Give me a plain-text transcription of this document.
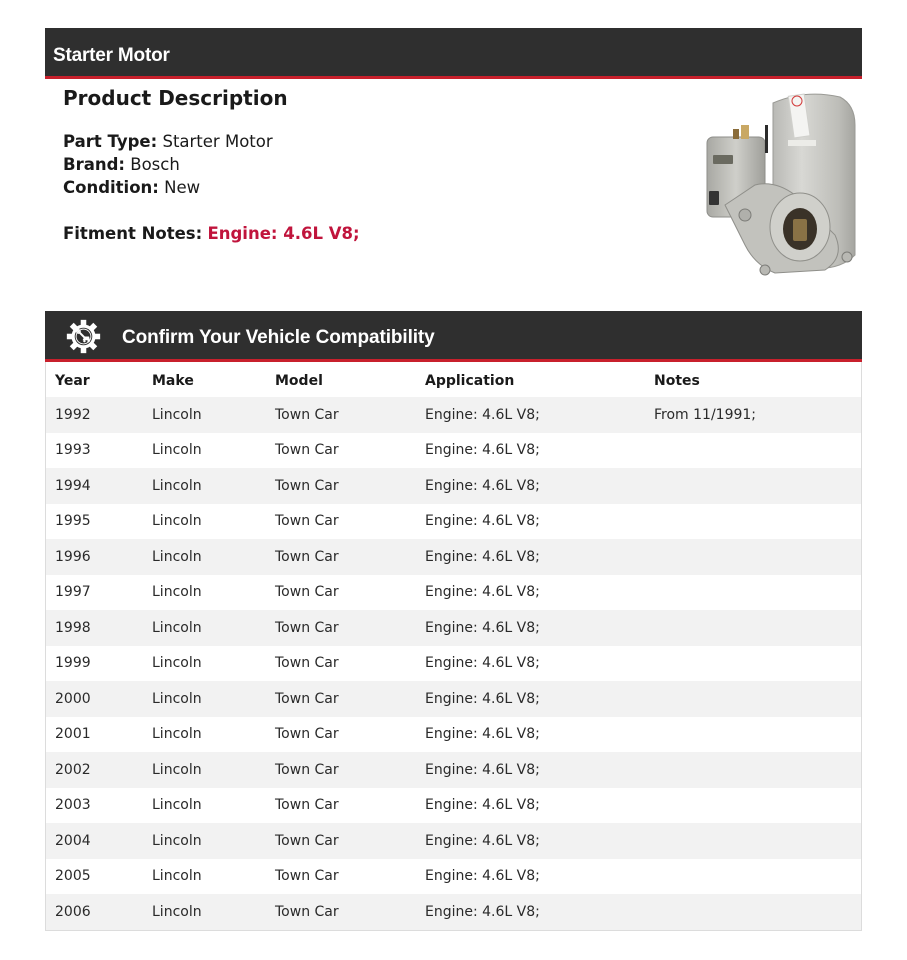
Starter Motor
Product Description
Part Type: Starter Motor
Brand: Bosch
Condition: New
Fitment Notes: Engine: 4.6L V8;
Confirm Your Vehicle Compatibility
Year	Make	Model	Application	Notes
1992	Lincoln	Town Car	Engine: 4.6L V8;	From 11/1991;
1993	Lincoln	Town Car	Engine: 4.6L V8;	
1994	Lincoln	Town Car	Engine: 4.6L V8;	
1995	Lincoln	Town Car	Engine: 4.6L V8;	
1996	Lincoln	Town Car	Engine: 4.6L V8;	
1997	Lincoln	Town Car	Engine: 4.6L V8;	
1998	Lincoln	Town Car	Engine: 4.6L V8;	
1999	Lincoln	Town Car	Engine: 4.6L V8;	
2000	Lincoln	Town Car	Engine: 4.6L V8;	
2001	Lincoln	Town Car	Engine: 4.6L V8;	
2002	Lincoln	Town Car	Engine: 4.6L V8;	
2003	Lincoln	Town Car	Engine: 4.6L V8;	
2004	Lincoln	Town Car	Engine: 4.6L V8;	
2005	Lincoln	Town Car	Engine: 4.6L V8;	
2006	Lincoln	Town Car	Engine: 4.6L V8;	
